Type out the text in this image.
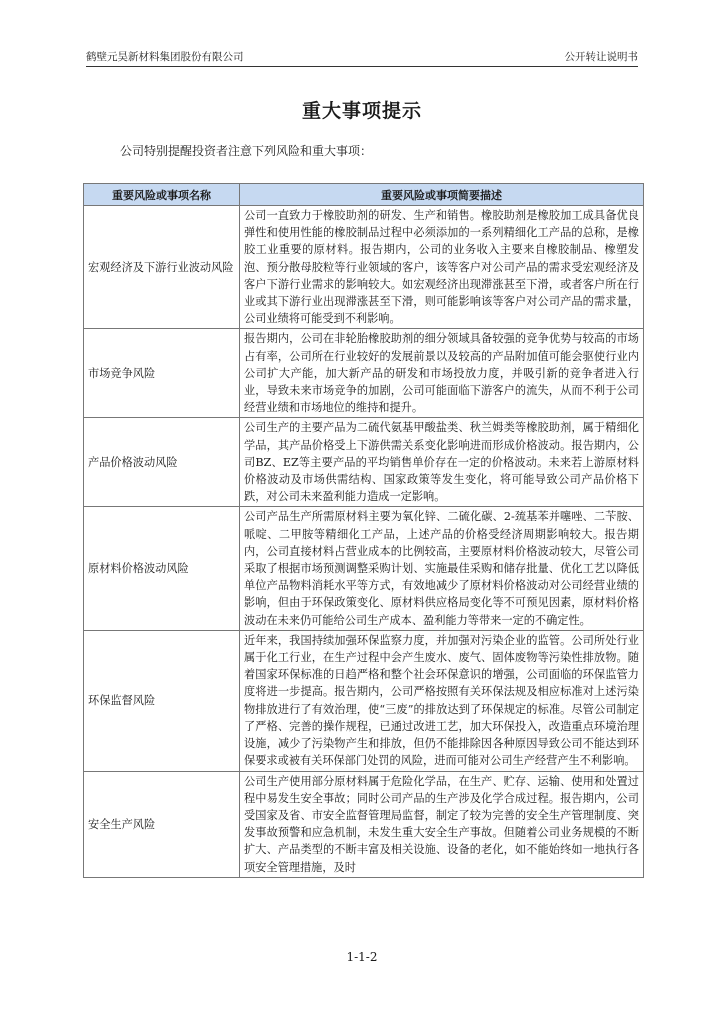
鹤壁元昊新材料集团股份有限公司	公开转让说明书
重大事项提示
公司特别提醒投资者注意下列风险和重大事项：
重要风险或事项名称	重要风险或事项简要描述
宏观经济及下游行业波动风险	公司一直致力于橡胶助剂的研发、生产和销售。橡胶助剂是橡胶加工成具备优良弹性和使用性能的橡胶制品过程中必须添加的一系列精细化工产品的总称，是橡胶工业重要的原材料。报告期内，公司的业务收入主要来自橡胶制品、橡塑发泡、预分散母胶粒等行业领域的客户，该等客户对公司产品的需求受宏观经济及客户下游行业需求的影响较大。如宏观经济出现滞涨甚至下滑，或者客户所在行业或其下游行业出现滞涨甚至下滑，则可能影响该等客户对公司产品的需求量，公司业绩将可能受到不利影响。
市场竞争风险	报告期内，公司在非轮胎橡胶助剂的细分领域具备较强的竞争优势与较高的市场占有率，公司所在行业较好的发展前景以及较高的产品附加值可能会驱使行业内公司扩大产能，加大新产品的研发和市场投放力度，并吸引新的竞争者进入行业，导致未来市场竞争的加剧，公司可能面临下游客户的流失，从而不利于公司经营业绩和市场地位的维持和提升。
产品价格波动风险	公司生产的主要产品为二硫代氨基甲酸盐类、秋兰姆类等橡胶助剂，属于精细化学品，其产品价格受上下游供需关系变化影响进而形成价格波动。报告期内，公司BZ、EZ等主要产品的平均销售单价存在一定的价格波动。未来若上游原材料价格波动及市场供需结构、国家政策等发生变化，将可能导致公司产品价格下跌，对公司未来盈利能力造成一定影响。
原材料价格波动风险	公司产品生产所需原材料主要为氧化锌、二硫化碳、2-巯基苯并噻唑、二苄胺、哌啶、二甲胺等精细化工产品，上述产品的价格受经济周期影响较大。报告期内，公司直接材料占营业成本的比例较高，主要原材料价格波动较大，尽管公司采取了根据市场预测调整采购计划、实施最佳采购和储存批量、优化工艺以降低单位产品物料消耗水平等方式，有效地减少了原材料价格波动对公司经营业绩的影响，但由于环保政策变化、原材料供应格局变化等不可预见因素，原材料价格波动在未来仍可能给公司生产成本、盈利能力等带来一定的不确定性。
环保监督风险	近年来，我国持续加强环保监察力度，并加强对污染企业的监管。公司所处行业属于化工行业，在生产过程中会产生废水、废气、固体废物等污染性排放物。随着国家环保标准的日趋严格和整个社会环保意识的增强，公司面临的环保监管力度将进一步提高。报告期内，公司严格按照有关环保法规及相应标准对上述污染物排放进行了有效治理，使“三废”的排放达到了环保规定的标准。尽管公司制定了严格、完善的操作规程，已通过改进工艺，加大环保投入，改造重点环境治理设施，减少了污染物产生和排放，但仍不能排除因各种原因导致公司不能达到环保要求或被有关环保部门处罚的风险，进而可能对公司生产经营产生不利影响。
安全生产风险	公司生产使用部分原材料属于危险化学品，在生产、贮存、运输、使用和处置过程中易发生安全事故；同时公司产品的生产涉及化学合成过程。报告期内，公司受国家及省、市安全监督管理局监督，制定了较为完善的安全生产管理制度、突发事故预警和应急机制，未发生重大安全生产事故。但随着公司业务规模的不断扩大、产品类型的不断丰富及相关设施、设备的老化，如不能始终如一地执行各项安全管理措施，及时
1-1-2
